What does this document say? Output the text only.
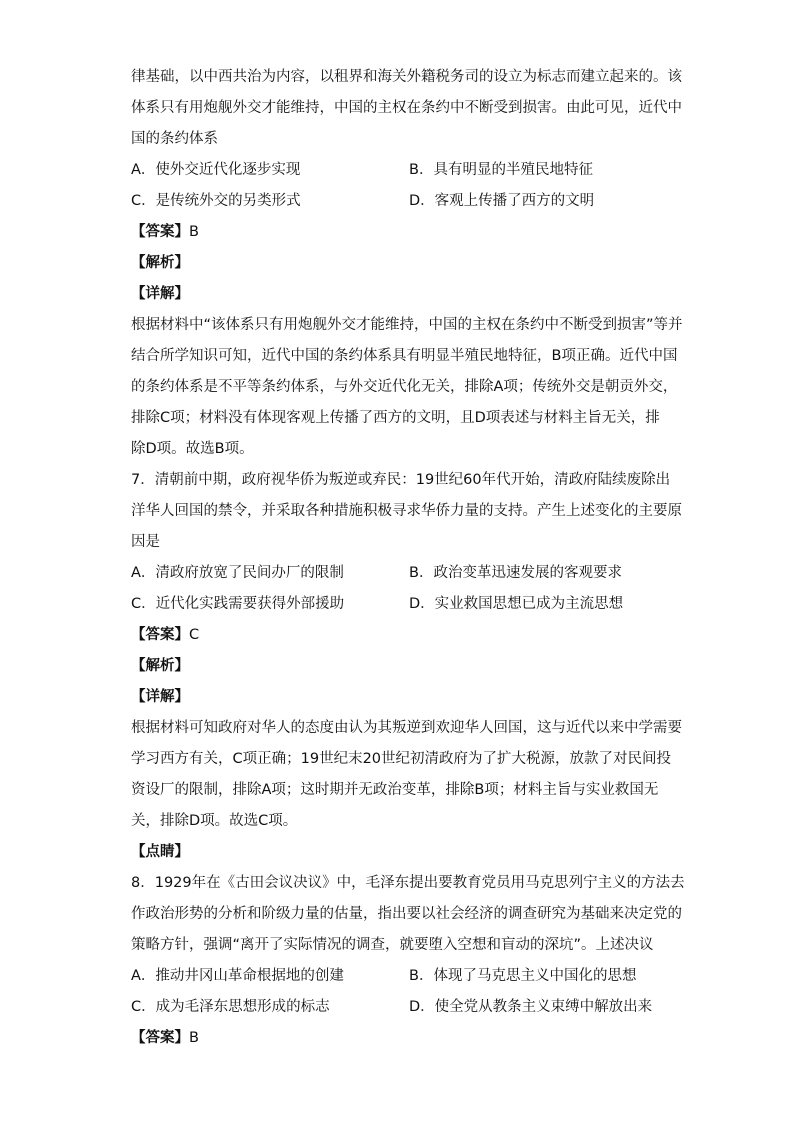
律基础，以中西共治为内容，以租界和海关外籍税务司的设立为标志而建立起来的。该
体系只有用炮舰外交才能维持，中国的主权在条约中不断受到损害。由此可见，近代中
国的条约体系
A．使外交近代化逐步实现	B．具有明显的半殖民地特征
C．是传统外交的另类形式	D．客观上传播了西方的文明
【答案】B
【解析】
【详解】
根据材料中“该体系只有用炮舰外交才能维持，中国的主权在条约中不断受到损害”等并
结合所学知识可知，近代中国的条约体系具有明显半殖民地特征，B项正确。近代中国
的条约体系是不平等条约体系，与外交近代化无关，排除A项；传统外交是朝贡外交，
排除C项；材料没有体现客观上传播了西方的文明，且D项表述与材料主旨无关，排
除D项。故选B项。
7．清朝前中期，政府视华侨为叛逆或弃民：19世纪60年代开始，清政府陆续废除出
洋华人回国的禁令，并采取各种措施积极寻求华侨力量的支持。产生上述变化的主要原
因是
A．清政府放宽了民间办厂的限制	B．政治变革迅速发展的客观要求
C．近代化实践需要获得外部援助	D．实业救国思想已成为主流思想
【答案】C
【解析】
【详解】
根据材料可知政府对华人的态度由认为其叛逆到欢迎华人回国，这与近代以来中学需要
学习西方有关，C项正确；19世纪末20世纪初清政府为了扩大税源，放款了对民间投
资设厂的限制，排除A项；这时期并无政治变革，排除B项；材料主旨与实业救国无
关，排除D项。故选C项。
【点睛】
8．1929年在《古田会议决议》中，毛泽东提出要教育党员用马克思列宁主义的方法去
作政治形势的分析和阶级力量的估量，指出要以社会经济的调查研究为基础来决定党的
策略方针，强调“离开了实际情况的调查，就要堕入空想和盲动的深坑”。上述决议
A．推动井冈山革命根据地的创建	B．体现了马克思主义中国化的思想
C．成为毛泽东思想形成的标志	D．使全党从教条主义束缚中解放出来
【答案】B
